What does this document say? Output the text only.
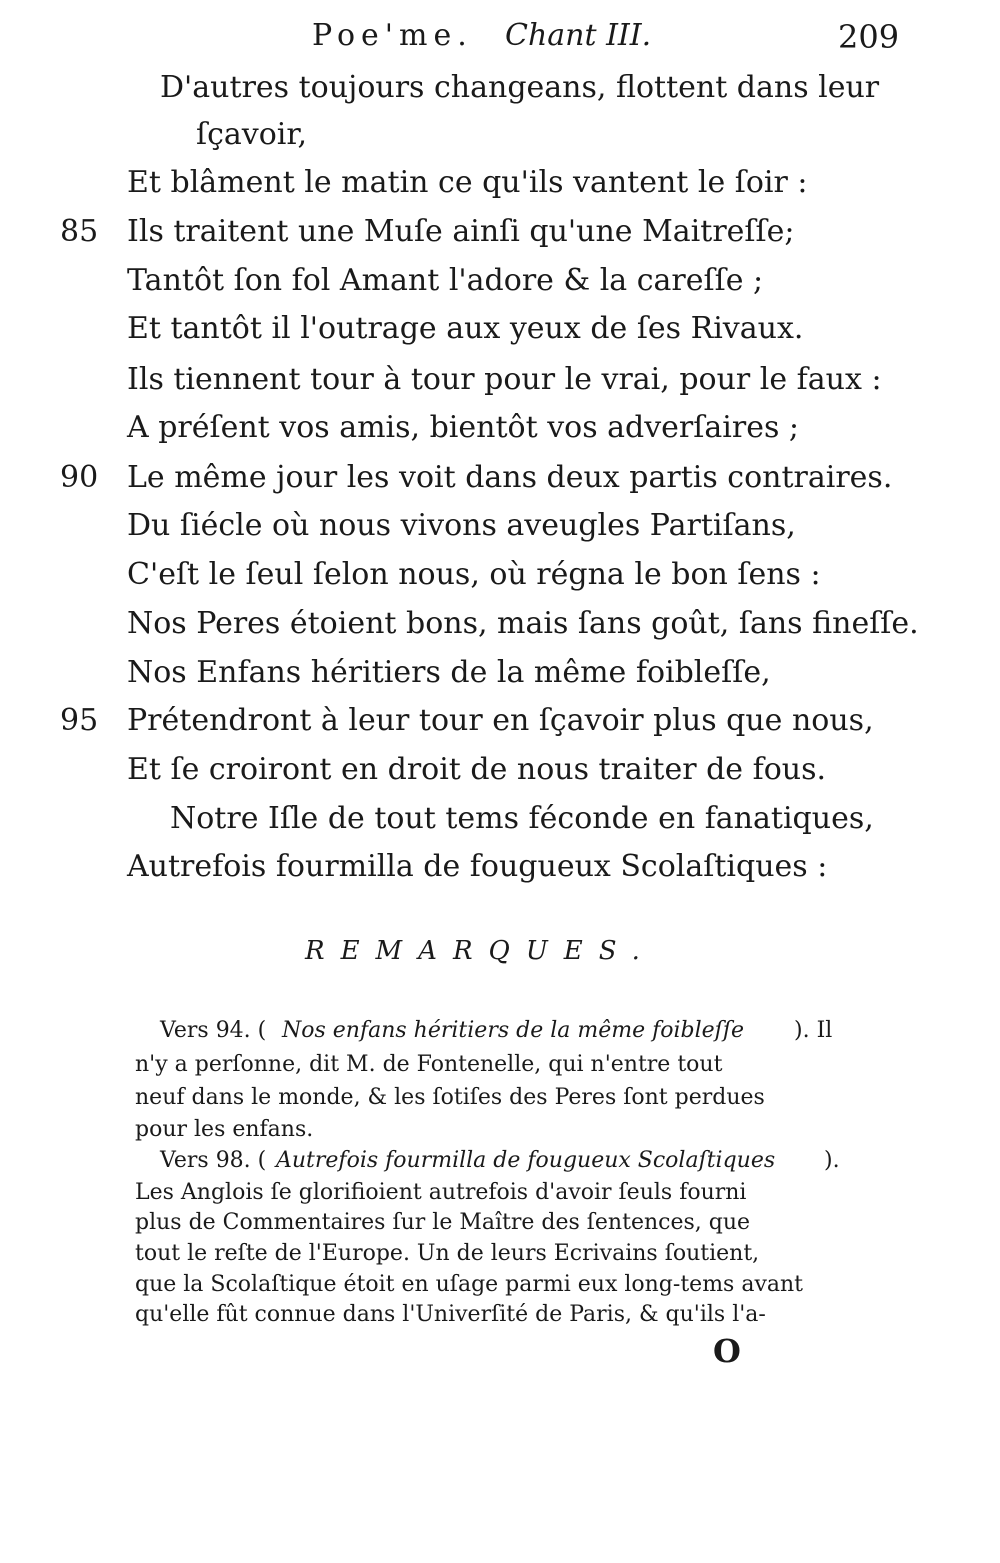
Poe'me. Chant III.	209
D'autres toujours changeans, flottent dans leur
ſçavoir,
Et blâment le matin ce qu'ils vantent le ſoir :
85 Ils traitent une Muſe ainſi qu'une Maitreſſe;
Tantôt ſon fol Amant l'adore & la careſſe ;
Et tantôt il l'outrage aux yeux de ſes Rivaux.
Ils tiennent tour à tour pour le vrai, pour le faux :
A préſent vos amis, bientôt vos adverſaires ;
90 Le même jour les voit dans deux partis contraires.
Du ſiécle où nous vivons aveugles Partiſans,
C'eſt le ſeul ſelon nous, où régna le bon ſens :
Nos Peres étoient bons, mais ſans goût, ſans fineſſe.
Nos Enfans héritiers de la même foibleſſe,
95 Prétendront à leur tour en ſçavoir plus que nous,
Et ſe croiront en droit de nous traiter de fous.
Notre Iſle de tout tems féconde en fanatiques,
Autrefois fourmilla de fougueux Scolaſtiques :
REMARQUES.
Vers 94. ( Nos enfans héritiers de la même foibleſſe ). Il
n'y a perſonne, dit M. de Fontenelle, qui n'entre tout
neuf dans le monde, & les ſotiſes des Peres ſont perdues
pour les enfans.
Vers 98. ( Autrefois fourmilla de fougueux Scolaſtiques ).
Les Anglois ſe glorifioient autrefois d'avoir ſeuls fourni
plus de Commentaires ſur le Maître des ſentences, que
tout le reſte de l'Europe. Un de leurs Ecrivains ſoutient,
que la Scolaſtique étoit en uſage parmi eux long-tems avant
qu'elle fût connue dans l'Univerſité de Paris, & qu'ils l'a-
O
